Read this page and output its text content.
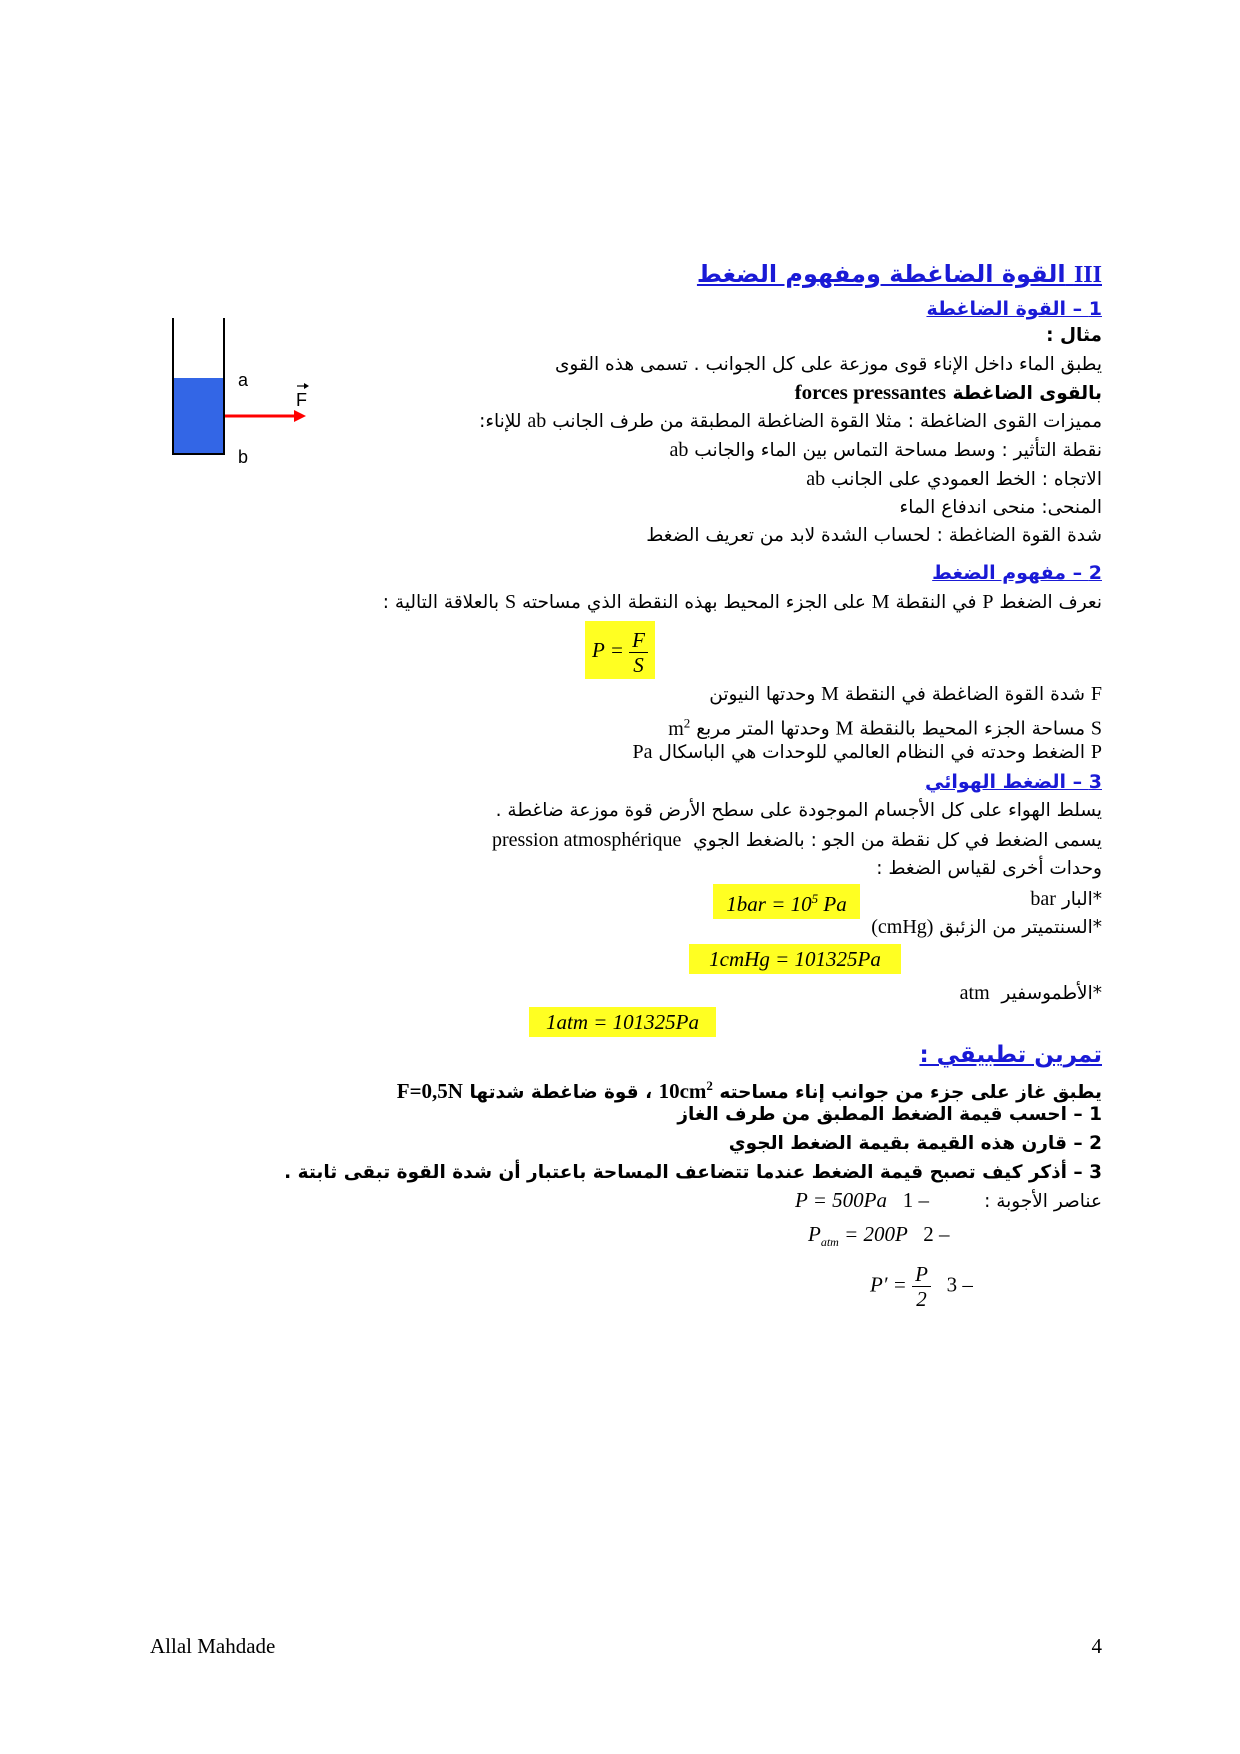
III القوة الضاغطة ومفهوم الضغط
1 – القوة الضاغطة
مثال :
يطبق الماء داخل الإناء قوى موزعة على كل الجوانب . تسمى هذه القوى
بالقوى الضاغطة forces pressantes
مميزات القوى الضاغطة : مثلا القوة الضاغطة المطبقة من طرف الجانب ab للإناء:
نقطة التأثير : وسط مساحة التماس بين الماء والجانب ab
الاتجاه : الخط العمودي على الجانب ab
المنحى: منحى اندفاع الماء
شدة القوة الضاغطة : لحساب الشدة لابد من تعريف الضغط
a
b
F
2 – مفهوم الضغط
نعرف الضغط P في النقطة M على الجزء المحيط بهذه النقطة الذي مساحته S بالعلاقة التالية :
$P = \frac{F}{S}$
F شدة القوة الضاغطة في النقطة M وحدتها النيوتن
S مساحة الجزء المحيط بالنقطة M وحدتها المتر مربع $m^2$
P الضغط وحدته في النظام العالمي للوحدات هي الباسكال Pa
3 – الضغط الهوائي
يسلط الهواء على كل الأجسام الموجودة على سطح الأرض قوة موزعة ضاغطة .
يسمى الضغط في كل نقطة من الجو : بالضغط الجوي  pression atmosphérique
وحدات أخرى لقياس الضغط :
*البار bar
$1bar = 10^5$ Pa
*السنتميتر من الزئبق (cmHg)
1cmHg = 101325Pa
*الأطموسفير  atm
1atm = 101325Pa
تمرين تطبيقي :
يطبق غاز على جزء من جوانب إناء مساحته $10cm^2$ ، قوة ضاغطة شدتها F=0,5N
1 – احسب قيمة الضغط المطبق من طرف الغاز
2 – قارن هذه القيمة بقيمة الضغط الجوي
3 – أذكر كيف تصبح قيمة الضغط عندما تتضاعف المساحة باعتبار أن شدة القوة تبقى ثابتة .
عناصر الأجوبة :
P = 500Pa 1 –
$P_{atm} = 200P$ 2 –
$P' = \frac{P}{2} 3$ –
Allal Mahdade	4
